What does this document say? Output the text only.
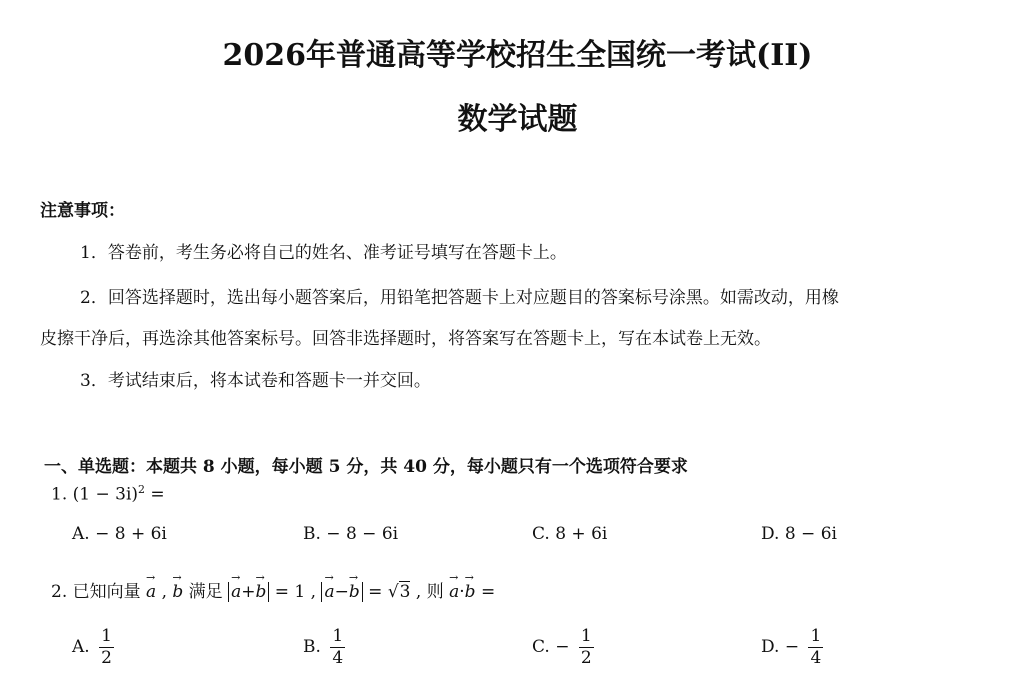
2026年普通高等学校招生全国统一考试(II)
数学试题
注意事项：
1．答卷前，考生务必将自己的姓名、准考证号填写在答题卡上。
2．回答选择题时，选出每小题答案后，用铅笔把答题卡上对应题目的答案标号涂黑。如需改动，用橡
皮擦干净后，再选涂其他答案标号。回答非选择题时，将答案写在答题卡上，写在本试卷上无效。
3．考试结束后，将本试卷和答题卡一并交回。
一、单选题：本题共 8 小题，每小题 5 分，共 40 分，每小题只有一个选项符合要求
1. $(1 - 3i)^2$ =
A. − 8 + 6i	B. − 8 − 6i	C. 8 + 6i	D. 8 − 6i
2. 已知向量 → a , → b 满足 → a+→ b = 1 , → a−→ b = √3 , 则 → a·→ b =
A. $\frac{1}{2}$	B. $\frac{1}{4}$	C. − $\frac{1}{2}$	D. − $\frac{1}{4}$
